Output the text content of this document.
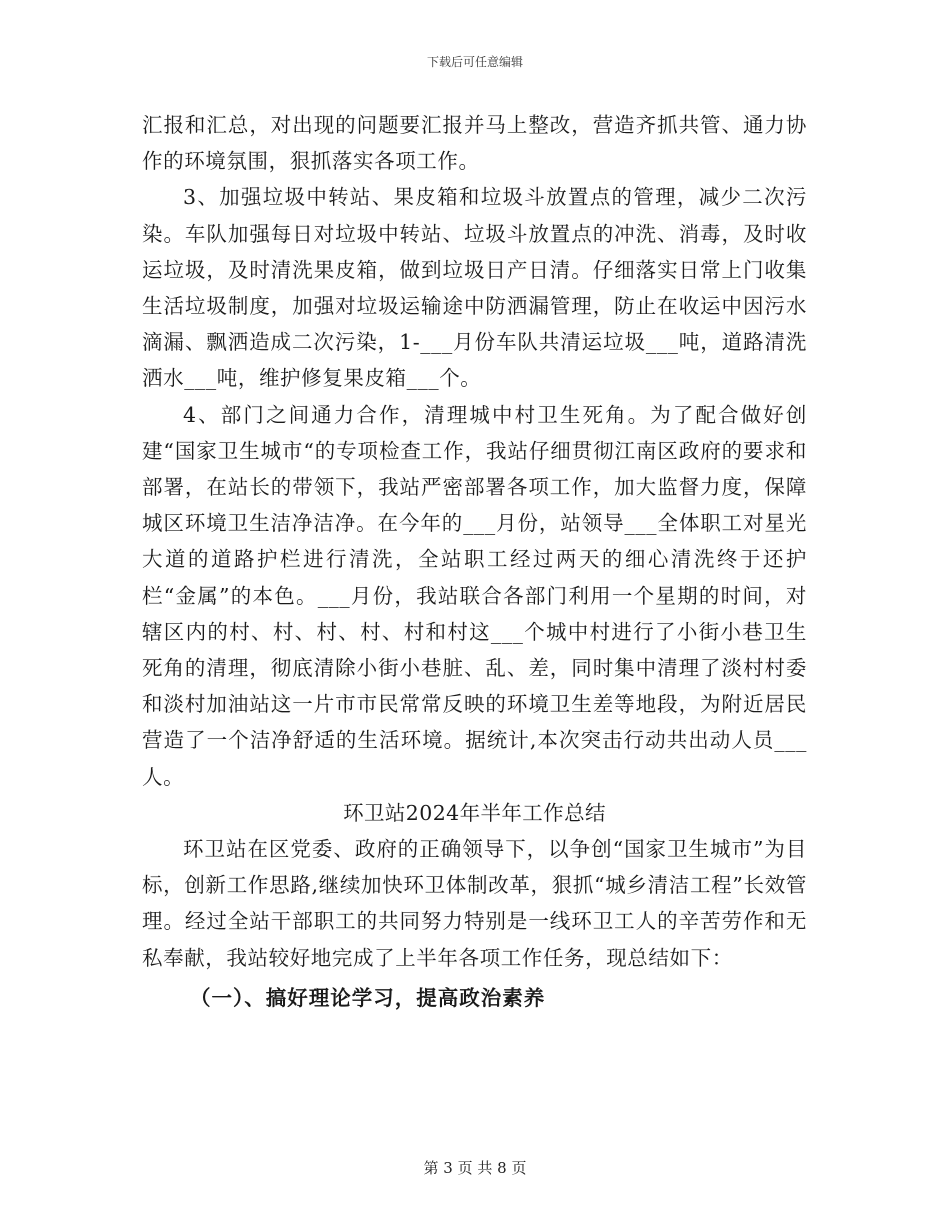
下载后可任意编辑

汇报和汇总，对出现的问题要汇报并马上整改，营造齐抓共管、通力协作的环境氛围，狠抓落实各项工作。

3、加强垃圾中转站、果皮箱和垃圾斗放置点的管理，减少二次污染。车队加强每日对垃圾中转站、垃圾斗放置点的冲洗、消毒，及时收运垃圾，及时清洗果皮箱，做到垃圾日产日清。仔细落实日常上门收集生活垃圾制度，加强对垃圾运输途中防洒漏管理，防止在收运中因污水滴漏、飘洒造成二次污染，1-___月份车队共清运垃圾___吨，道路清洗洒水___吨，维护修复果皮箱___个。

4、部门之间通力合作，清理城中村卫生死角。为了配合做好创建“国家卫生城市“的专项检查工作，我站仔细贯彻江南区政府的要求和部署，在站长的带领下，我站严密部署各项工作，加大监督力度，保障城区环境卫生洁净洁净。在今年的___月份，站领导___全体职工对星光大道的道路护栏进行清洗，全站职工经过两天的细心清洗终于还护栏“金属”的本色。___月份，我站联合各部门利用一个星期的时间，对辖区内的村、村、村、村、村和村这___个城中村进行了小街小巷卫生死角的清理，彻底清除小街小巷脏、乱、差，同时集中清理了淡村村委和淡村加油站这一片市市民常常反映的环境卫生差等地段，为附近居民营造了一个洁净舒适的生活环境。据统计,本次突击行动共出动人员___人。

环卫站2024年半年工作总结

环卫站在区党委、政府的正确领导下，以争创“国家卫生城市”为目标，创新工作思路,继续加快环卫体制改革，狠抓“城乡清洁工程”长效管理。经过全站干部职工的共同努力特别是一线环卫工人的辛苦劳作和无私奉献，我站较好地完成了上半年各项工作任务，现总结如下：

（一）、搞好理论学习，提高政治素养

第 3 页 共 8 页
